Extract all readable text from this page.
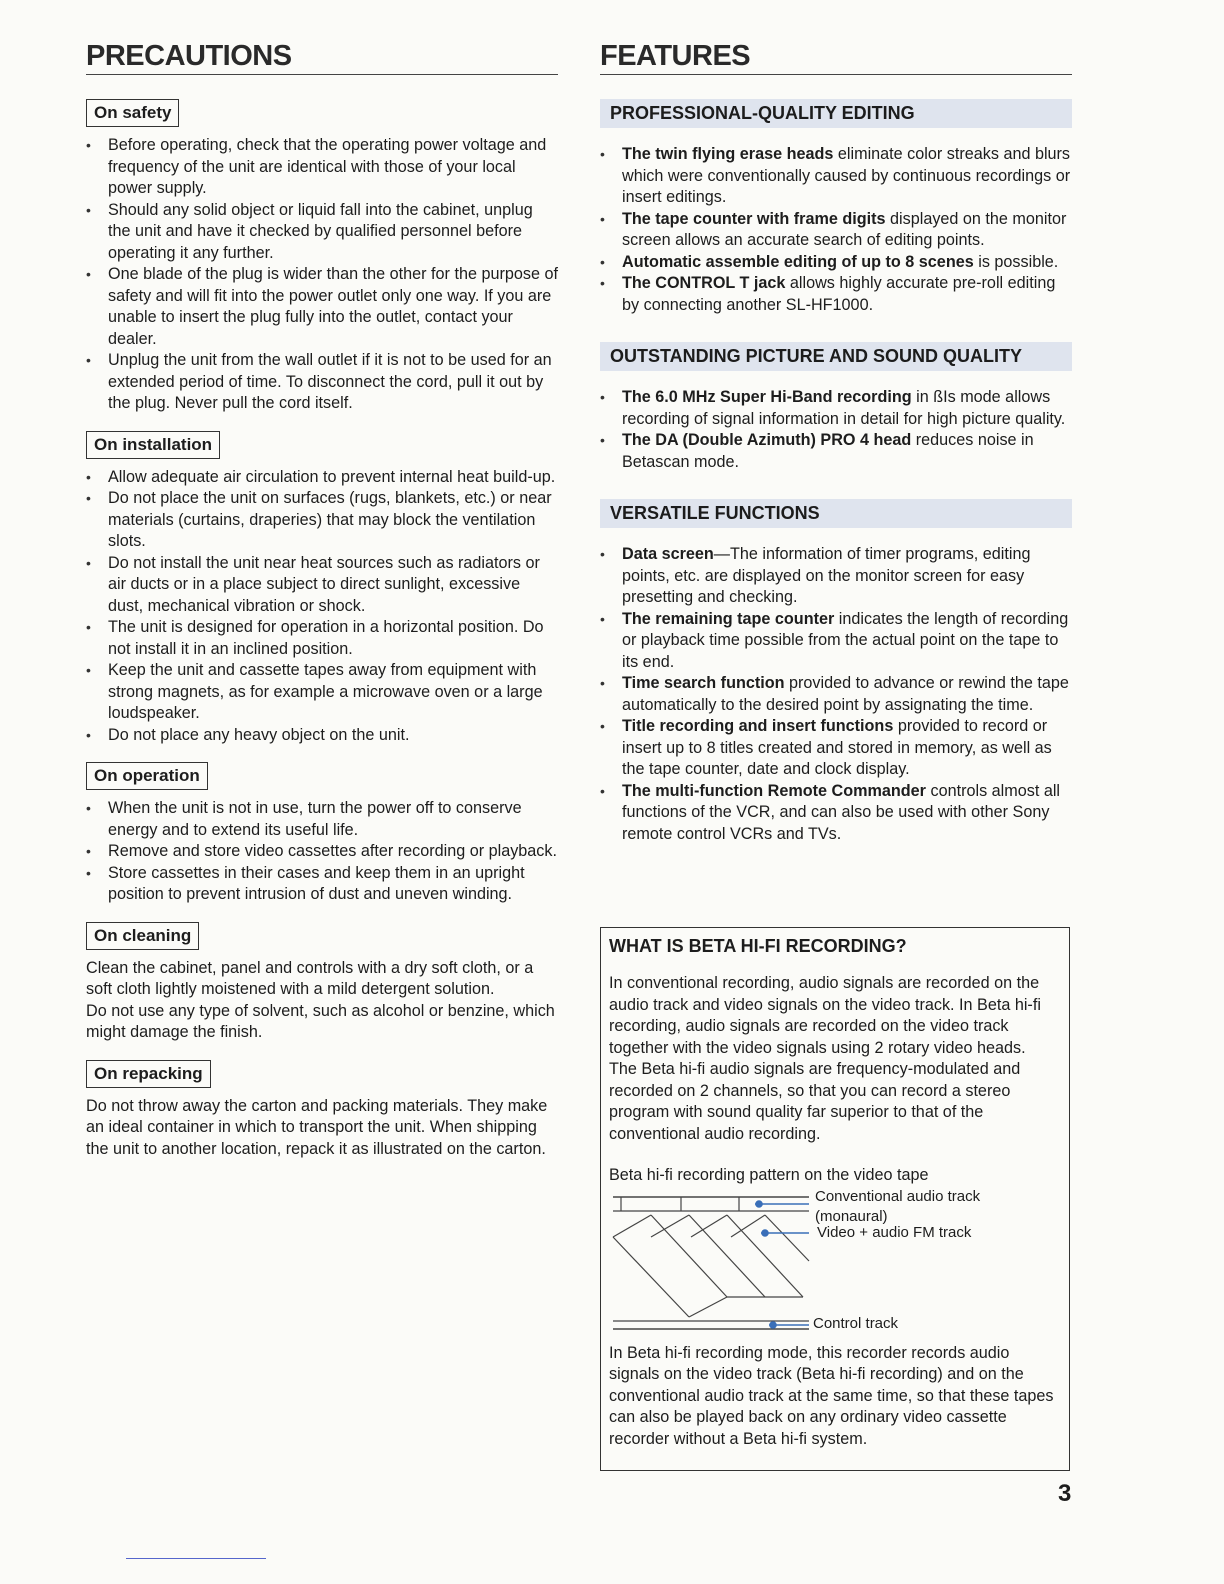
PRECAUTIONS
On safety
• Before operating, check that the operating power voltage and frequency of the unit are identical with those of your local power supply.
• Should any solid object or liquid fall into the cabinet, unplug the unit and have it checked by qualified personnel before operating it any further.
• One blade of the plug is wider than the other for the purpose of safety and will fit into the power outlet only one way. If you are unable to insert the plug fully into the outlet, contact your dealer.
• Unplug the unit from the wall outlet if it is not to be used for an extended period of time. To disconnect the cord, pull it out by the plug. Never pull the cord itself.
On installation
• Allow adequate air circulation to prevent internal heat build-up.
• Do not place the unit on surfaces (rugs, blankets, etc.) or near materials (curtains, draperies) that may block the ventilation slots.
• Do not install the unit near heat sources such as radiators or air ducts or in a place subject to direct sunlight, excessive dust, mechanical vibration or shock.
• The unit is designed for operation in a horizontal position. Do not install it in an inclined position.
• Keep the unit and cassette tapes away from equipment with strong magnets, as for example a microwave oven or a large loudspeaker.
• Do not place any heavy object on the unit.
On operation
• When the unit is not in use, turn the power off to conserve energy and to extend its useful life.
• Remove and store video cassettes after recording or playback.
• Store cassettes in their cases and keep them in an upright position to prevent intrusion of dust and uneven winding.
On cleaning

Clean the cabinet, panel and controls with a dry soft cloth, or a soft cloth lightly moistened with a mild detergent solution.

Do not use any type of solvent, such as alcohol or benzine, which might damage the finish.

On repacking

Do not throw away the carton and packing materials. They make an ideal container in which to transport the unit. When shipping the unit to another location, repack it as illustrated on the carton.

FEATURES
PROFESSIONAL-QUALITY EDITING
• The twin flying erase heads eliminate color streaks and blurs which were conventionally caused by continuous recordings or insert editings.
• The tape counter with frame digits displayed on the monitor screen allows an accurate search of editing points.
• Automatic assemble editing of up to 8 scenes is possible.
• The CONTROL T jack allows highly accurate pre-roll editing by connecting another SL-HF1000.
OUTSTANDING PICTURE AND SOUND QUALITY
• The 6.0 MHz Super Hi-Band recording in ßIs mode allows recording of signal information in detail for high picture quality.
• The DA (Double Azimuth) PRO 4 head reduces noise in Betascan mode.
VERSATILE FUNCTIONS
• Data screen—The information of timer programs, editing points, etc. are displayed on the monitor screen for easy presetting and checking.
• The remaining tape counter indicates the length of recording or playback time possible from the actual point on the tape to its end.
• Time search function provided to advance or rewind the tape automatically to the desired point by assignating the time.
• Title recording and insert functions provided to record or insert up to 8 titles created and stored in memory, as well as the tape counter, date and clock display.
• The multi-function Remote Commander controls almost all functions of the VCR, and can also be used with other Sony remote control VCRs and TVs.
WHAT IS BETA HI-FI RECORDING?

In conventional recording, audio signals are recorded on the audio track and video signals on the video track. In Beta hi-fi recording, audio signals are recorded on the video track together with the video signals using 2 rotary video heads.

The Beta hi-fi audio signals are frequency-modulated and recorded on 2 channels, so that you can record a stereo program with sound quality far superior to that of the conventional audio recording.

Beta hi-fi recording pattern on the video tape

Conventional audio track
(monaural)
Video + audio FM track
Control track

In Beta hi-fi recording mode, this recorder records audio signals on the video track (Beta hi-fi recording) and on the conventional audio track at the same time, so that these tapes can also be played back on any ordinary video cassette recorder without a Beta hi-fi system.

3
